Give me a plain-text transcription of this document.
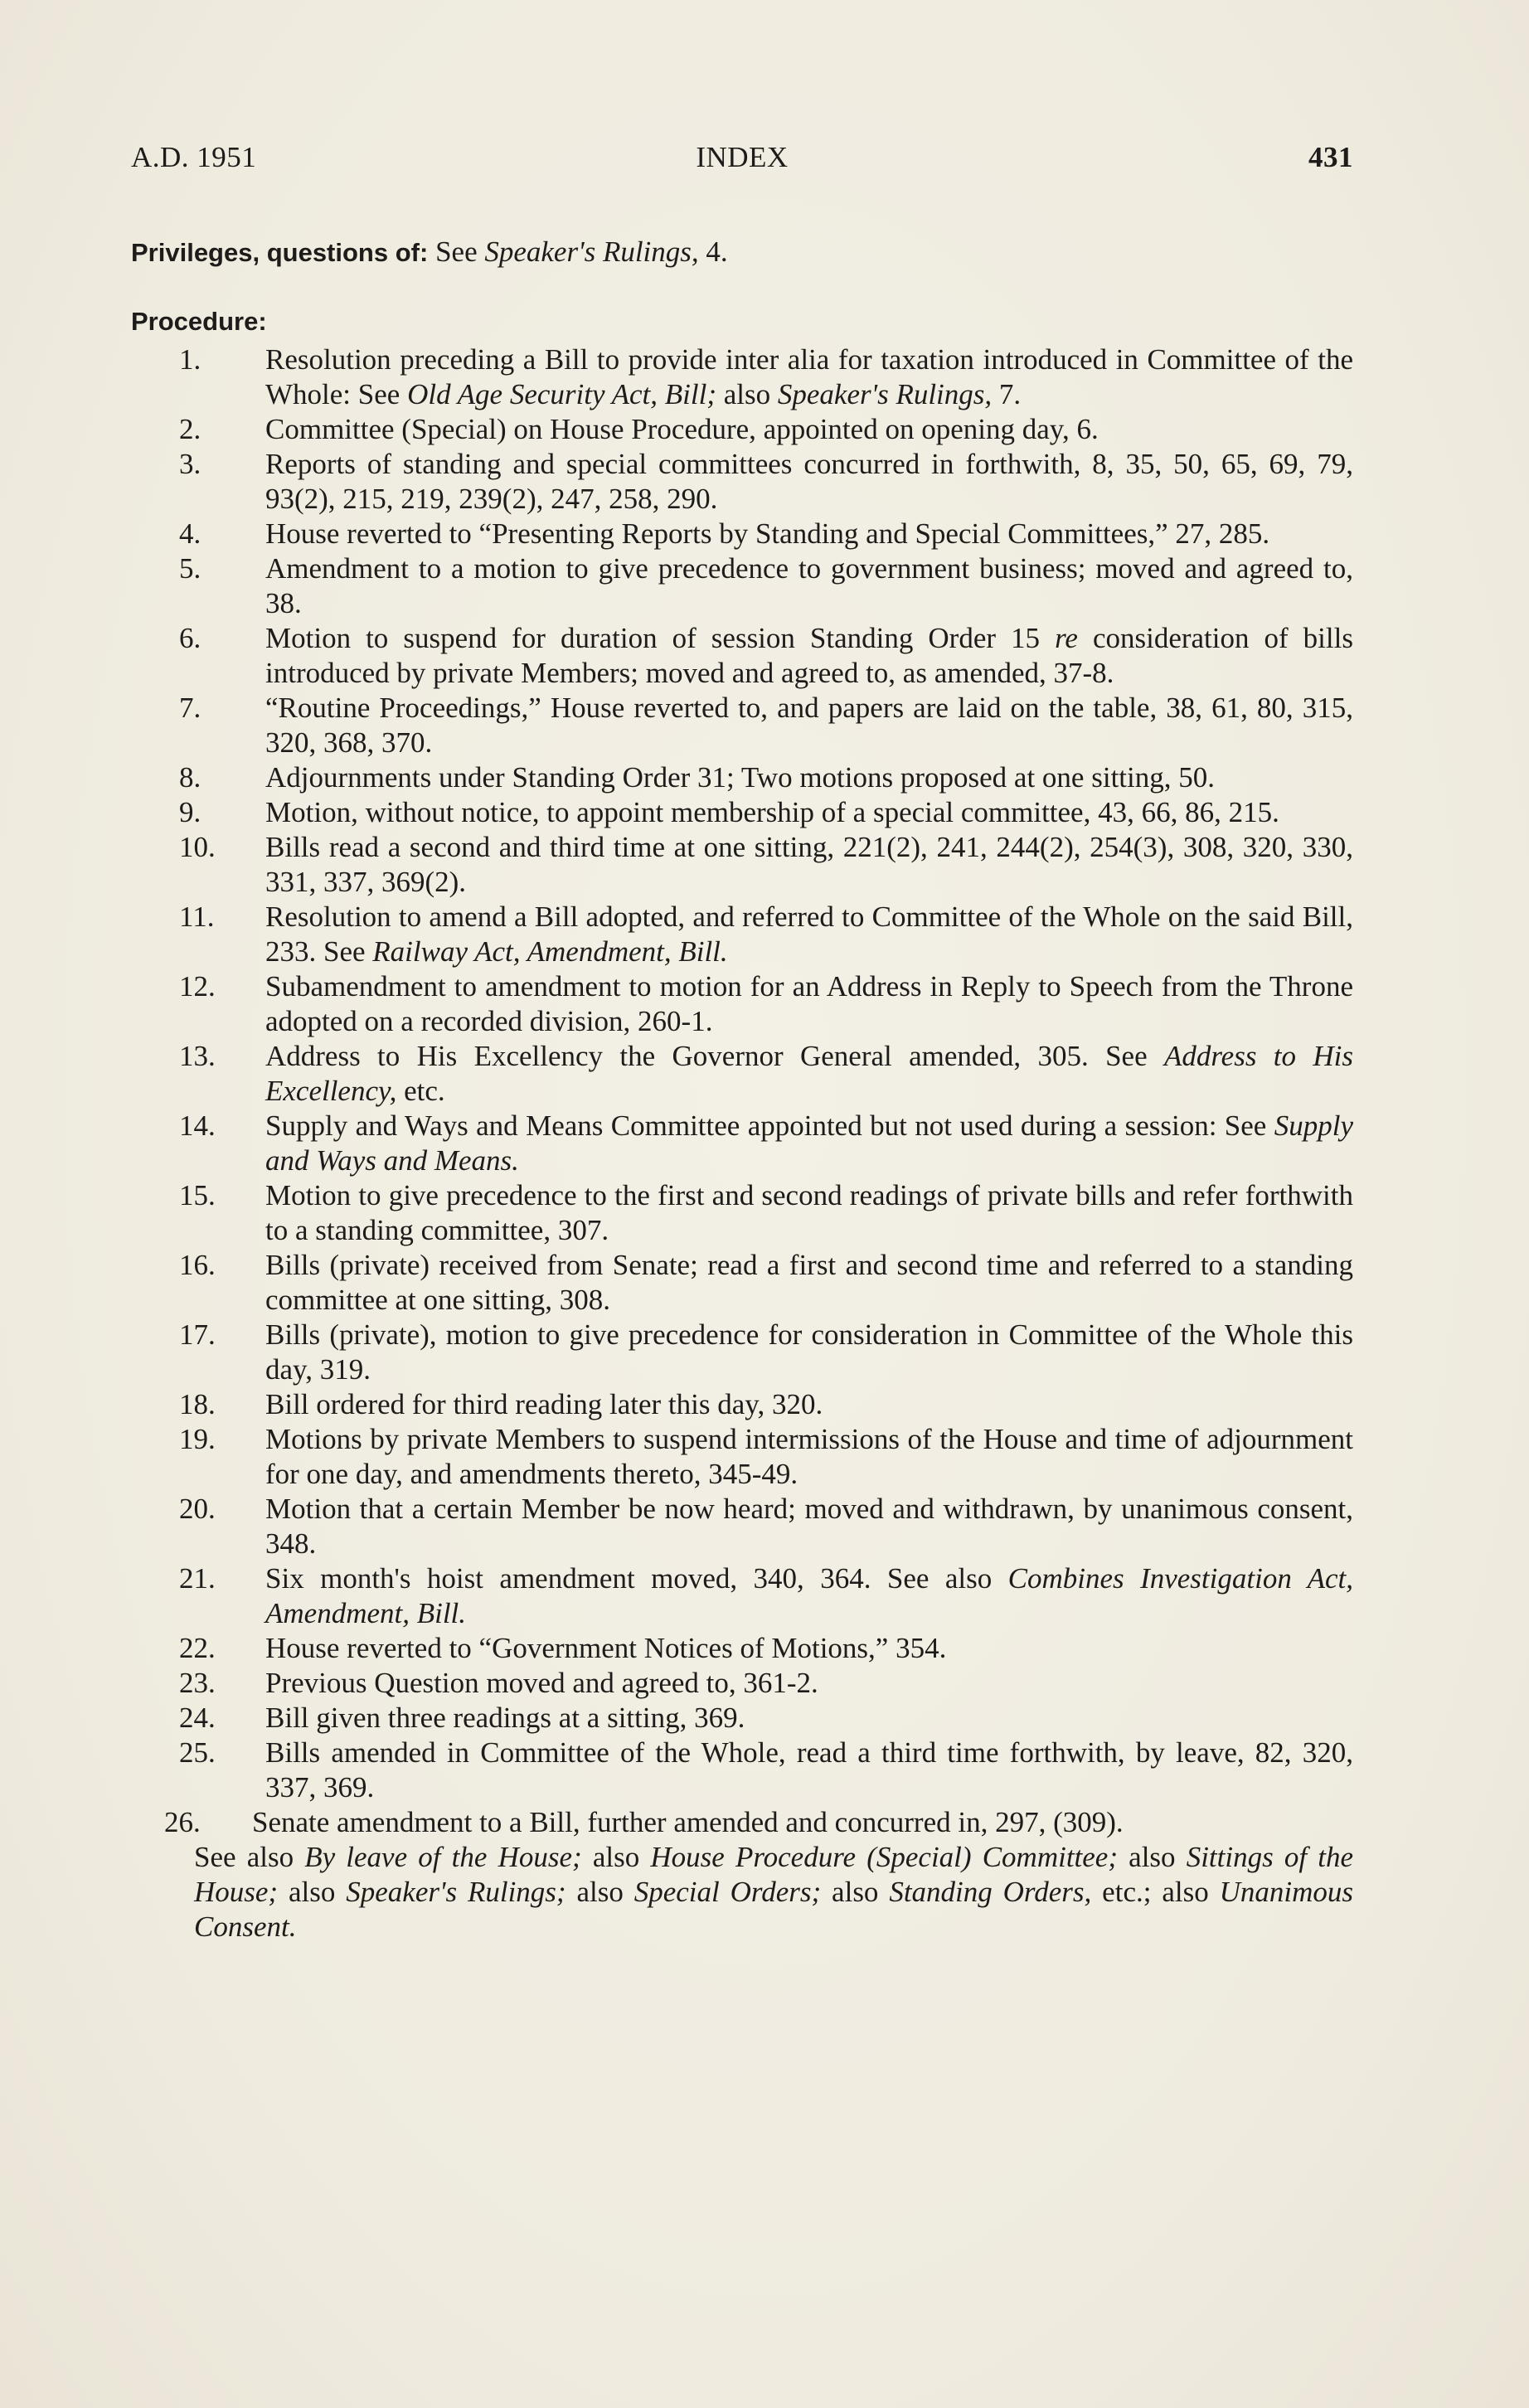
A.D. 1951	INDEX	431

Privileges, questions of: See Speaker's Rulings, 4.

Procedure:
1.	Resolution preceding a Bill to provide inter alia for taxation introduced in Committee of the Whole: See Old Age Security Act, Bill; also Speaker's Rulings, 7.
2.	Committee (Special) on House Procedure, appointed on opening day, 6.
3.	Reports of standing and special committees concurred in forthwith, 8, 35, 50, 65, 69, 79, 93(2), 215, 219, 239(2), 247, 258, 290.
4.	House reverted to “Presenting Reports by Standing and Special Committees,” 27, 285.
5.	Amendment to a motion to give precedence to government business; moved and agreed to, 38.
6.	Motion to suspend for duration of session Standing Order 15 re consideration of bills introduced by private Members; moved and agreed to, as amended, 37-8.
7.	“Routine Proceedings,” House reverted to, and papers are laid on the table, 38, 61, 80, 315, 320, 368, 370.
8.	Adjournments under Standing Order 31; Two motions proposed at one sitting, 50.
9.	Motion, without notice, to appoint membership of a special committee, 43, 66, 86, 215.
10.	Bills read a second and third time at one sitting, 221(2), 241, 244(2), 254(3), 308, 320, 330, 331, 337, 369(2).
11.	Resolution to amend a Bill adopted, and referred to Committee of the Whole on the said Bill, 233. See Railway Act, Amendment, Bill.
12.	Subamendment to amendment to motion for an Address in Reply to Speech from the Throne adopted on a recorded division, 260-1.
13.	Address to His Excellency the Governor General amended, 305. See Address to His Excellency, etc.
14.	Supply and Ways and Means Committee appointed but not used during a session: See Supply and Ways and Means.
15.	Motion to give precedence to the first and second readings of private bills and refer forthwith to a standing committee, 307.
16.	Bills (private) received from Senate; read a first and second time and referred to a standing committee at one sitting, 308.
17.	Bills (private), motion to give precedence for consideration in Committee of the Whole this day, 319.
18.	Bill ordered for third reading later this day, 320.
19.	Motions by private Members to suspend intermissions of the House and time of adjournment for one day, and amendments thereto, 345-49.
20.	Motion that a certain Member be now heard; moved and withdrawn, by unanimous consent, 348.
21.	Six month's hoist amendment moved, 340, 364. See also Combines Investigation Act, Amendment, Bill.
22.	House reverted to “Government Notices of Motions,” 354.
23.	Previous Question moved and agreed to, 361-2.
24.	Bill given three readings at a sitting, 369.
25.	Bills amended in Committee of the Whole, read a third time forthwith, by leave, 82, 320, 337, 369.
26.	Senate amendment to a Bill, further amended and concurred in, 297, (309).

See also By leave of the House; also House Procedure (Special) Committee; also Sittings of the House; also Speaker's Rulings; also Special Orders; also Standing Orders, etc.; also Unanimous Consent.
